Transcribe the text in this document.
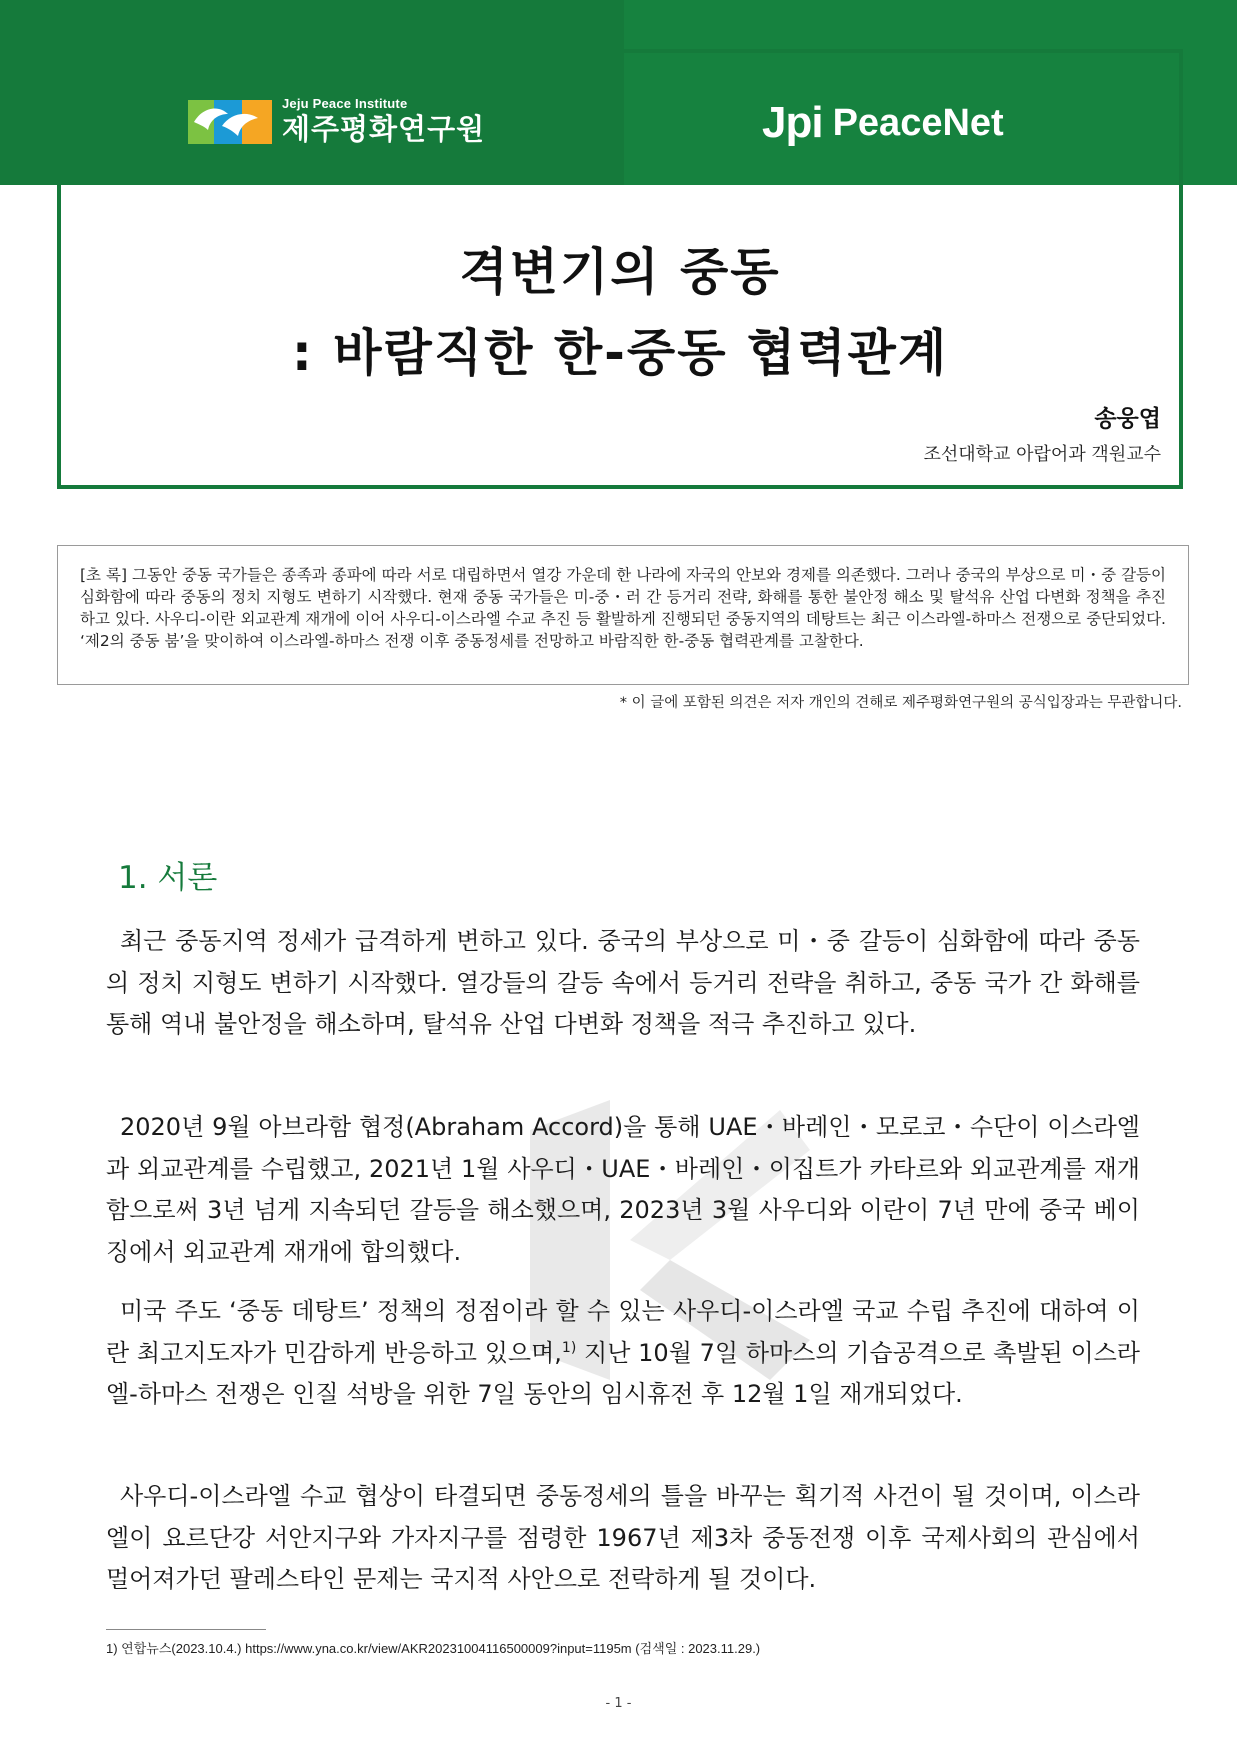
Jeju Peace Institute
제주평화연구원	Jpi PeaceNet
격변기의 중동
: 바람직한 한-중동 협력관계
송웅엽
조선대학교 아랍어과 객원교수
[초 록] 그동안 중동 국가들은 종족과 종파에 따라 서로 대립하면서 열강 가운데 한 나라에 자국의 안보와 경제를 의존했다. 그러나 중국의 부상으로 미・중 갈등이 심화함에 따라 중동의 정치 지형도 변하기 시작했다. 현재 중동 국가들은 미-중・러 간 등거리 전략, 화해를 통한 불안정 해소 및 탈석유 산업 다변화 정책을 추진하고 있다. 사우디-이란 외교관계 재개에 이어 사우디-이스라엘 수교 추진 등 활발하게 진행되던 중동지역의 데탕트는 최근 이스라엘-하마스 전쟁으로 중단되었다. ‘제2의 중동 붐’을 맞이하여 이스라엘-하마스 전쟁 이후 중동정세를 전망하고 바람직한 한-중동 협력관계를 고찰한다.
* 이 글에 포함된 의견은 저자 개인의 견해로 제주평화연구원의 공식입장과는 무관합니다.
1. 서론

최근 중동지역 정세가 급격하게 변하고 있다. 중국의 부상으로 미・중 갈등이 심화함에 따라 중동의 정치 지형도 변하기 시작했다. 열강들의 갈등 속에서 등거리 전략을 취하고, 중동 국가 간 화해를 통해 역내 불안정을 해소하며, 탈석유 산업 다변화 정책을 적극 추진하고 있다.

2020년 9월 아브라함 협정(Abraham Accord)을 통해 UAE・바레인・모로코・수단이 이스라엘과 외교관계를 수립했고, 2021년 1월 사우디・UAE・바레인・이집트가 카타르와 외교관계를 재개함으로써 3년 넘게 지속되던 갈등을 해소했으며, 2023년 3월 사우디와 이란이 7년 만에 중국 베이징에서 외교관계 재개에 합의했다.

미국 주도 ‘중동 데탕트’ 정책의 정점이라 할 수 있는 사우디-이스라엘 국교 수립 추진에 대하여 이란 최고지도자가 민감하게 반응하고 있으며,$^{1)}$ 지난 10월 7일 하마스의 기습공격으로 촉발된 이스라엘-하마스 전쟁은 인질 석방을 위한 7일 동안의 임시휴전 후 12월 1일 재개되었다.

사우디-이스라엘 수교 협상이 타결되면 중동정세의 틀을 바꾸는 획기적 사건이 될 것이며, 이스라엘이 요르단강 서안지구와 가자지구를 점령한 1967년 제3차 중동전쟁 이후 국제사회의 관심에서 멀어져가던 팔레스타인 문제는 국지적 사안으로 전락하게 될 것이다.

1) 연합뉴스(2023.10.4.) https://www.yna.co.kr/view/AKR20231004116500009?input=1195m (검색일 : 2023.11.29.)
- 1 -
